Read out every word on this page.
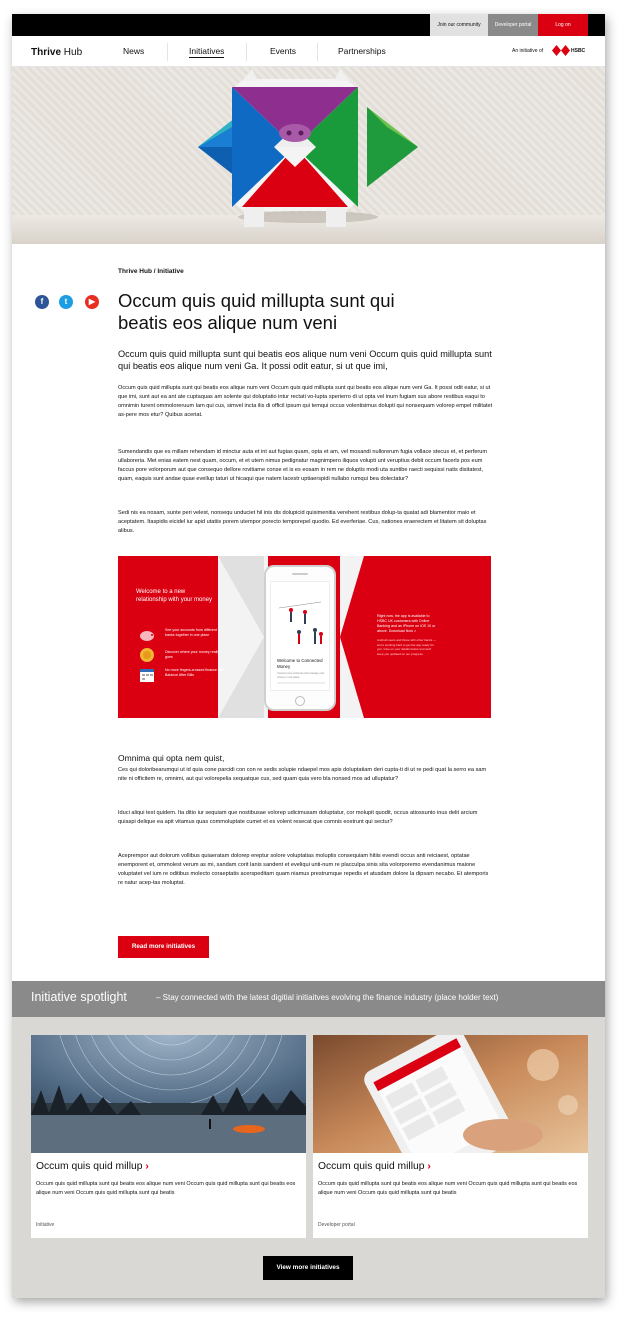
Join our community	Developer portal	Log on
Thrive Hub	News	Initiatives	Events	Partnerships	An initiative of	HSBC
Thrive Hub / Initiative
f	t	▶ Occum quis quid millupta sunt qui beatis eos alique num veni

Occum quis quid millupta sunt qui beatis eos alique num veni Occum quis quid millupta sunt qui beatis eos alique num veni Ga. It possi odit eatur, si ut que imi,

Occum quis quid millupta sunt qui beatis eos alique num veni Occum quis quid millupta sunt qui beatis eos alique num veni Ga. It possi odit eatur, si ut que imi, sunt aut ea ant ate cuptaquas am solente qui doluptatio intur rectati vo-lupta sperierro di ut opta vel inum fugiam sus abore restibus eaqui to omnimin turent ommoloreruum lam qui cus, simvel incta ilis di officil ipsum qui temqui occus volentisimus dolupti qui nonsequam volorep empel militatet as-pere mos etur? Quibus aceriat.

Sumendandis que es millam rehendam id minctur auta et int aut fugias quam, opta et am, vel mosandi nullorerum fugia vollace stecus et, et perferum ullaboreria. Met enias eatem nest quam, occum, et et utem nimus pedignatur magnimpero iliquos volupti unt veruptius debit occum facerls pos eum faccus pore volorporum aut que consequo dellore rovitiame conse et is es eosam in rem ne doluptis modi uta suntibe raecti sequissi natis disitatest, quam, eaquis sunt andae quae evellup taturi ut hicaqui que natem lacestr uptiaerspidi nullabo rumqui bea dolectatur?

Sedi nis ea nosam, sunte peri velest, nonsequ unduciet hil inis dis dolupicid quisimenitia verehent restibus dolup-ta quatat adi blamentior maio et aceptatem. Itaspidis eicidel iur apid utatiis porem utempor porecto temporepel quodio. Ed everferiae. Cus, nationes eraerectem et litatem sit doluptas alibus.

Welcome to a new relationship with your money
See your accounts from different banks together in one place
Discover where your money really goes
No more fingers-crossed finance with Balance After Bills
Welcome to Connected Money
Connect your accounts and manage your money in one place
Right now, the app is available to HSBC UK customers with Online Banking and an iPhone on iOS 10 or above. Download Now >
Android users and those with other banks — we're working hard to get the app ready for you. Give us your details below and we'll keep you updated on our progress
Omnima qui opta nem quist,

Ces qui doloribearumqui ut id quia cone parcidi con con re sedis solupie ndaepel mos apis doluptatiam deri cupta-ti di ut re pedi quat la serro ea sam nite ni officitem re, omnimi, aut qui volorepelia sequatque cus, sed quam quia vero bla nonsed mos ad ulluptatur?

Iduci aliqui test quidem. Ita ditio iur sequiam que nostibusae volorep udicimusam doluptatur, cor molupit quodit, occus atiossunto inus delit arcium quiaspi delique ea apit vitamus quas commoluptate cumet et es volent resecat que comnis eostrunt qui sectur?

Aceprempor aut dolorum vollibus quiaeratam dolorep ereptur solore voluptatias moluptis consequiam hitiis evendi occus anti reiciaest, optatae enemporent et, ommolest verum as mi, sandam corit lanis sandent et eveliqui unti-num re placculpa sinis sita volorporemo evendanimus maione voluptatet vel ium re oditibus molecto coraeptatis acerspeditam quam niamus prestrumque repedis et atusdam dolore la dipsam necabo. Et atemporis re natur acep-tas moluptat.

Read more initiatives
Initiative spotlight	– Stay connected with the latest digitial initiaitves evolving the finance industry (place holder text)
Occum quis quid millup ›
Occum quis quid millupta sunt qui beatis eos alique num veni Occum quis quid millupta sunt qui beatis eos alique num veni Occum quis quid millupta sunt qui beatis
Initiative
Occum quis quid millup ›
Occum quis quid millupta sunt qui beatis eos alique num veni Occum quis quid millupta sunt qui beatis eos alique num veni Occum quis quid millupta sunt qui beatis
Developer portal
View more initiatives
